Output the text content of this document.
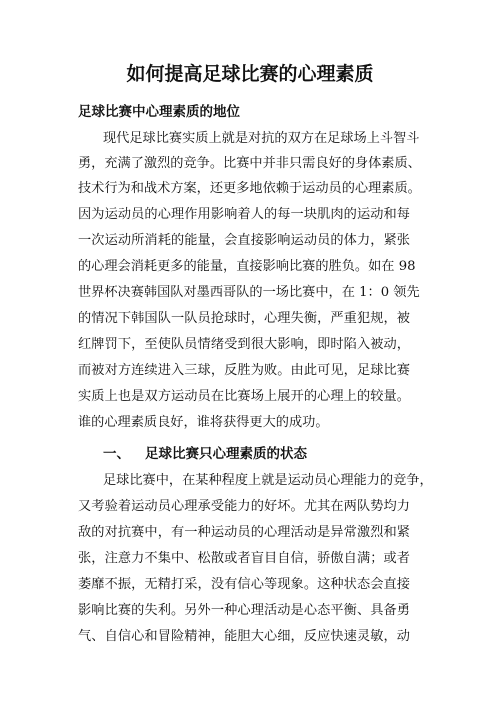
如何提高足球比赛的心理素质
足球比赛中心理素质的地位
现代足球比赛实质上就是对抗的双方在足球场上斗智斗
勇，充满了激烈的竞争。比赛中并非只需良好的身体素质、
技术行为和战术方案，还更多地依赖于运动员的心理素质。
因为运动员的心理作用影响着人的每一块肌肉的运动和每
一次运动所消耗的能量，会直接影响运动员的体力，紧张
的心理会消耗更多的能量，直接影响比赛的胜负。如在 98
世界杯决赛韩国队对墨西哥队的一场比赛中，在 1：0 领先
的情况下韩国队一队员抢球时，心理失衡，严重犯规，被
红牌罚下，至使队员情绪受到很大影响，即时陷入被动，
而被对方连续进入三球，反胜为败。由此可见，足球比赛
实质上也是双方运动员在比赛场上展开的心理上的较量。
谁的心理素质良好，谁将获得更大的成功。
一、 足球比赛只心理素质的状态
足球比赛中，在某种程度上就是运动员心理能力的竞争，
又考验着运动员心理承受能力的好坏。尤其在两队势均力
敌的对抗赛中，有一种运动员的心理活动是异常激烈和紧
张，注意力不集中、松散或者盲目自信，骄傲自满；或者
萎靡不振，无精打采，没有信心等现象。这种状态会直接
影响比赛的失利。另外一种心理活动是心态平衡、具备勇
气、自信心和冒险精神，能胆大心细，反应快速灵敏，动
